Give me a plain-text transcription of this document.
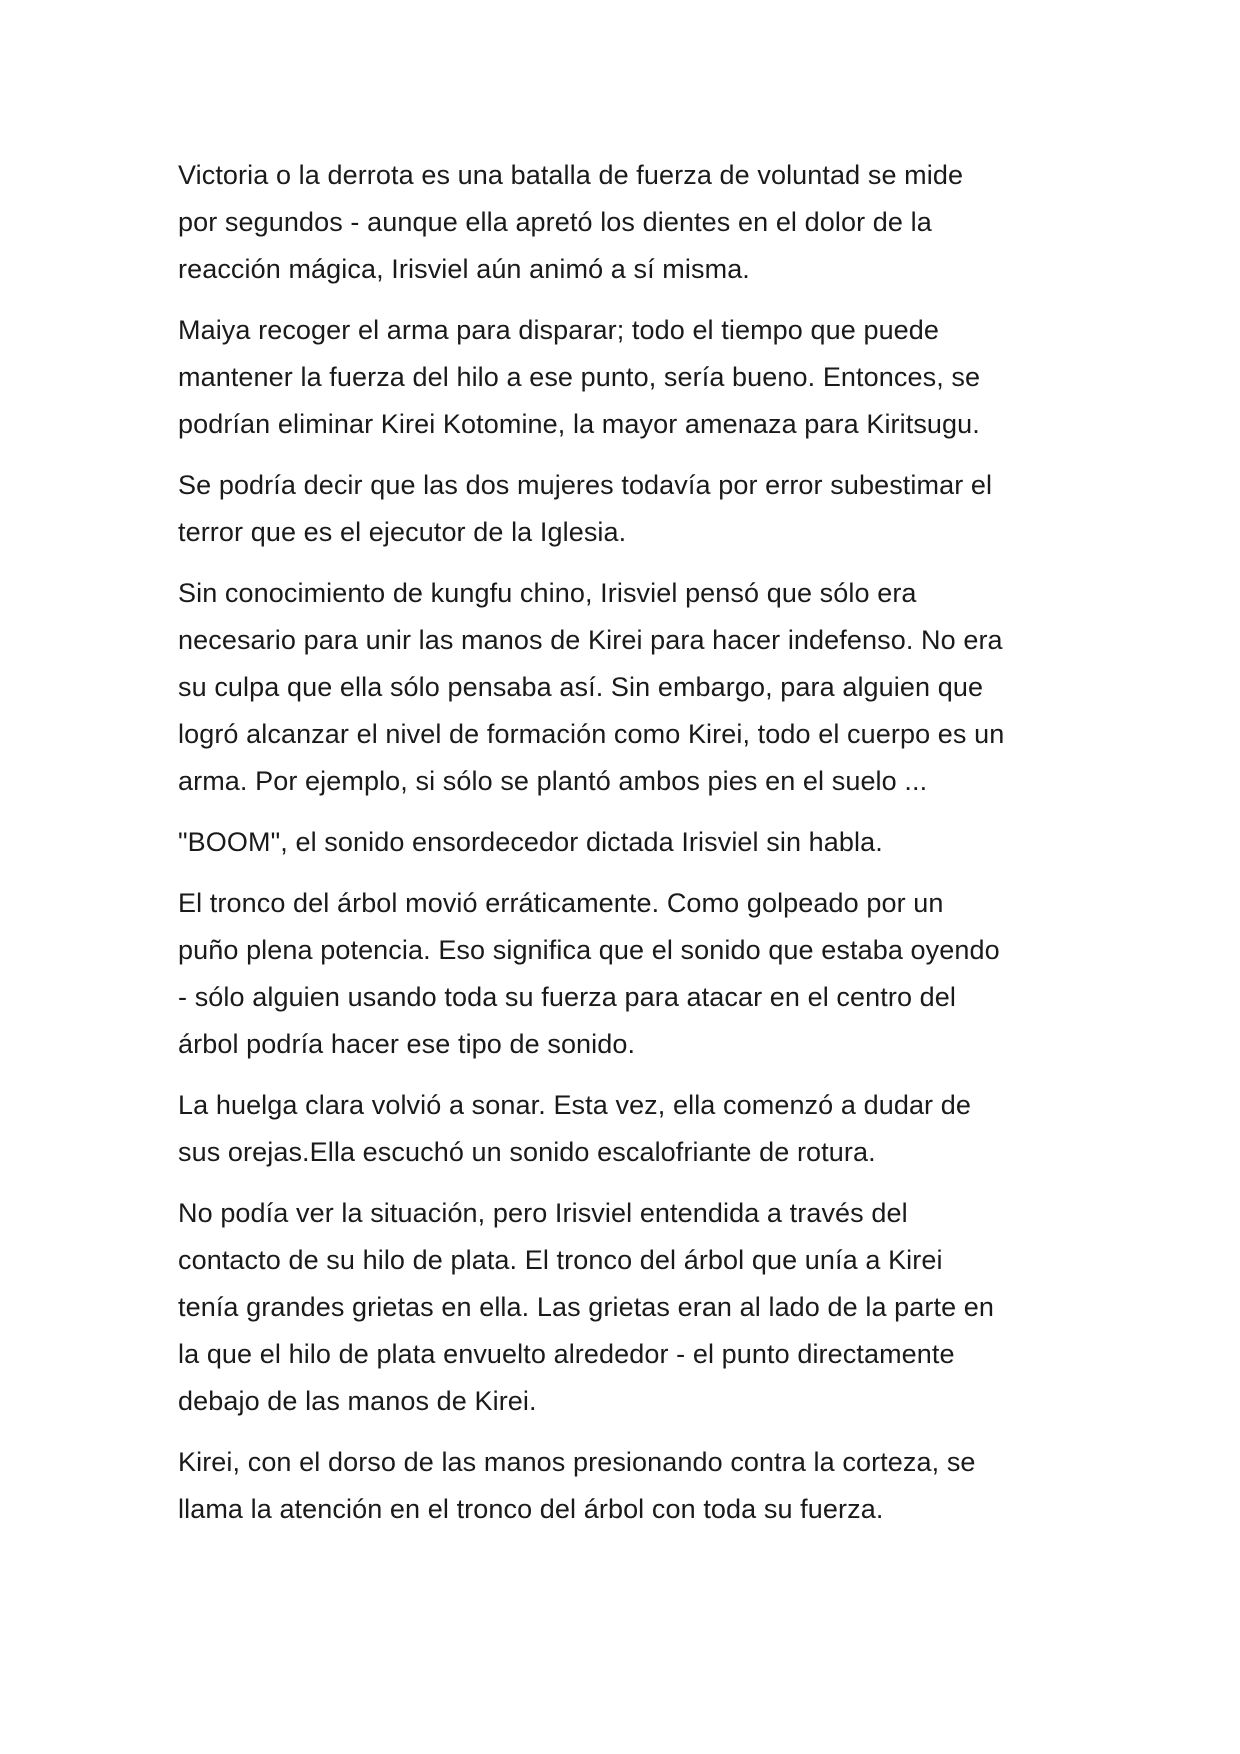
Victoria o la derrota es una batalla de fuerza de voluntad se mide
por segundos - aunque ella apretó los dientes en el dolor de la
reacción mágica, Irisviel aún animó a sí misma.

Maiya recoger el arma para disparar; todo el tiempo que puede
mantener la fuerza del hilo a ese punto, sería bueno. Entonces, se
podrían eliminar Kirei Kotomine, la mayor amenaza para Kiritsugu.

Se podría decir que las dos mujeres todavía por error subestimar el
terror que es el ejecutor de la Iglesia.

Sin conocimiento de kungfu chino, Irisviel pensó que sólo era
necesario para unir las manos de Kirei para hacer indefenso. No era
su culpa que ella sólo pensaba así. Sin embargo, para alguien que
logró alcanzar el nivel de formación como Kirei, todo el cuerpo es un
arma. Por ejemplo, si sólo se plantó ambos pies en el suelo ...

"BOOM", el sonido ensordecedor dictada Irisviel sin habla.

El tronco del árbol movió erráticamente. Como golpeado por un
puño plena potencia. Eso significa que el sonido que estaba oyendo
- sólo alguien usando toda su fuerza para atacar en el centro del
árbol podría hacer ese tipo de sonido.

La huelga clara volvió a sonar. Esta vez, ella comenzó a dudar de
sus orejas.Ella escuchó un sonido escalofriante de rotura.

No podía ver la situación, pero Irisviel entendida a través del
contacto de su hilo de plata. El tronco del árbol que unía a Kirei
tenía grandes grietas en ella. Las grietas eran al lado de la parte en
la que el hilo de plata envuelto alrededor - el punto directamente
debajo de las manos de Kirei.

Kirei, con el dorso de las manos presionando contra la corteza, se
llama la atención en el tronco del árbol con toda su fuerza.
